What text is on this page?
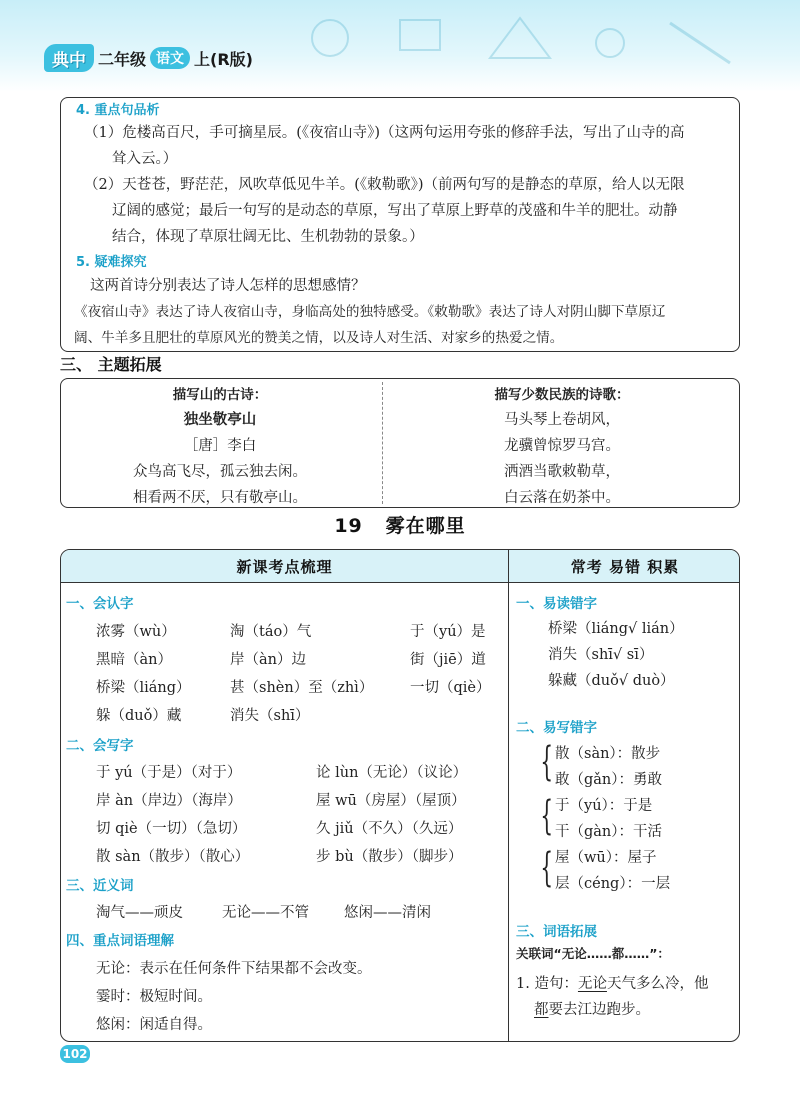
典中 二年级 语文 上(R版)
4. 重点句品析
（1）危楼高百尺，手可摘星辰。(《夜宿山寺》)（这两句运用夸张的修辞手法，写出了山寺的高
耸入云。）
（2）天苍苍，野茫茫，风吹草低见牛羊。(《敕勒歌》)（前两句写的是静态的草原，给人以无限
辽阔的感觉；最后一句写的是动态的草原，写出了草原上野草的茂盛和牛羊的肥壮。动静
结合，体现了草原壮阔无比、生机勃勃的景象。）
5. 疑难探究
这两首诗分别表达了诗人怎样的思想感情？
《夜宿山寺》表达了诗人夜宿山寺，身临高处的独特感受。《敕勒歌》表达了诗人对阴山脚下草原辽
阔、牛羊多且肥壮的草原风光的赞美之情，以及诗人对生活、对家乡的热爱之情。
三、 主题拓展
描写山的古诗：
独坐敬亭山
［唐］李白
众鸟高飞尽，孤云独去闲。
相看两不厌，只有敬亭山。
描写少数民族的诗歌：
马头琴上卷胡风，
龙骥曾惊罗马宫。
洒酒当歌敕勒草，
白云落在奶茶中。
19 雾在哪里
新课考点梳理	常考 易错 积累
一、会认字
浓雾（wù）	淘（táo）气	于（yú）是
黑暗（àn）	岸（àn）边	街（jiē）道
桥梁（liáng）	甚（shèn）至（zhì）	一切（qiè）
躲（duǒ）藏	消失（shī）
二、会写字
于 yú（于是）（对于）	论 lùn（无论）（议论）
岸 àn（岸边）（海岸）	屋 wū（房屋）（屋顶）
切 qiè（一切）（急切）	久 jiǔ（不久）（久远）
散 sàn（散步）（散心）	步 bù（散步）（脚步）
三、近义词
淘气——顽皮	无论——不管 悠闲——清闲
四、重点词语理解
无论：表示在任何条件下结果都不会改变。
霎时：极短时间。
悠闲：闲适自得。
一、易读错字
桥梁（liáng√ lián）
消失（shī√ sī）
躲藏（duǒ√ duò）
二、易写错字
{ 散（sàn）：散步
敢（gǎn）：勇敢
{ 于（yú）：于是
干（gàn）：干活
{ 屋（wū）：屋子
层（céng）：一层
三、词语拓展
关联词“无论……都……”：
1. 造句：无论天气多么冷，他
都要去江边跑步。
102
